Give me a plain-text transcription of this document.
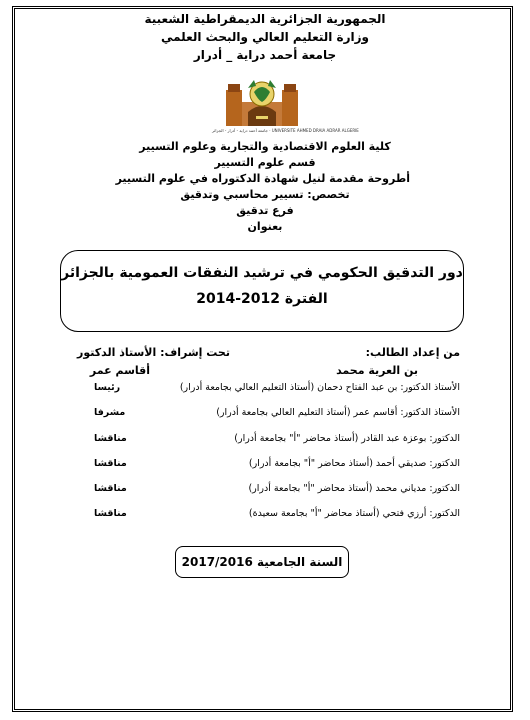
الجمهورية الجزائرية الديمقراطية الشعبية
وزارة التعليم العالي والبحث العلمي
جامعة أحمد دراية _ أدرار
جامعة أحمد دراية - أدرار - الجزائر · UNIVERSITE AHMED DRAIA ADRAR ALGERIE
كلية العلوم الاقتصادية والتجارية وعلوم التسيير
قسم علوم التسيير
أطروحة مقدمة لنيل شهادة الدكتوراه في علوم التسيير
تخصص: تسيير محاسبي وتدقيق
فرع تدقيق
بعنوان
دور التدقيق الحكومي في ترشيد النفقات العمومية بالجزائر
الفترة 2012-2014
من إعداد الطالب:
تحت إشراف: الأستاذ الدكتور
بن العرية محمد
أقاسم عمر
الأستاذ الدكتور: بن عبد الفتاح دحمان (أستاذ التعليم العالي بجامعة أدرار)
رئيسا
الأستاذ الدكتور: أقاسم عمر (أستاذ التعليم العالي بجامعة أدرار)
مشرفا
الدكتور: بوعزة عبد القادر (أستاذ محاضر "أ" بجامعة أدرار)
مناقشا
الدكتور: صديقي أحمد (أستاذ محاضر "أ" بجامعة أدرار)
مناقشا
الدكتور: مدياني محمد (أستاذ محاضر "أ" بجامعة أدرار)
مناقشا
الدكتور: أرزي فتحي (أستاذ محاضر "أ" بجامعة سعيدة)
مناقشا
السنة الجامعية 2017/2016
